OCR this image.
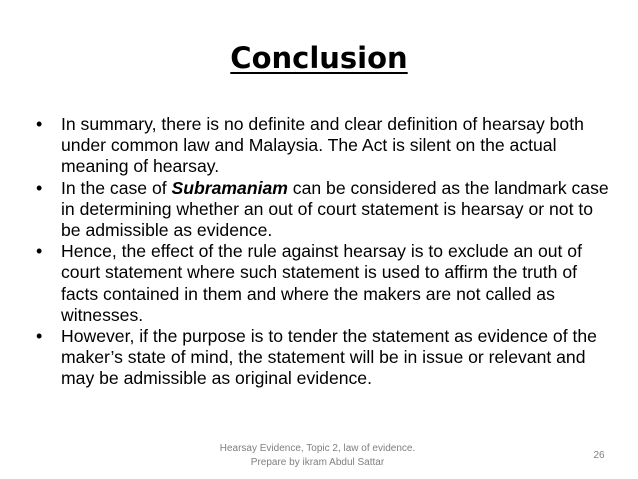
Conclusion
• In summary, there is no definite and clear definition of hearsay both under common law and Malaysia. The Act is silent on the actual meaning of hearsay.
• In the case of Subramaniam can be considered as the landmark case in determining whether an out of court statement is hearsay or not to be admissible as evidence.
• Hence, the effect of the rule against hearsay is to exclude an out of court statement where such statement is used to affirm the truth of facts contained in them and where the makers are not called as witnesses.
• However, if the purpose is to tender the statement as evidence of the maker’s state of mind, the statement will be in issue or relevant and may be admissible as original evidence.
Hearsay Evidence, Topic 2, law of evidence.
Prepare by ikram Abdul Sattar
26
